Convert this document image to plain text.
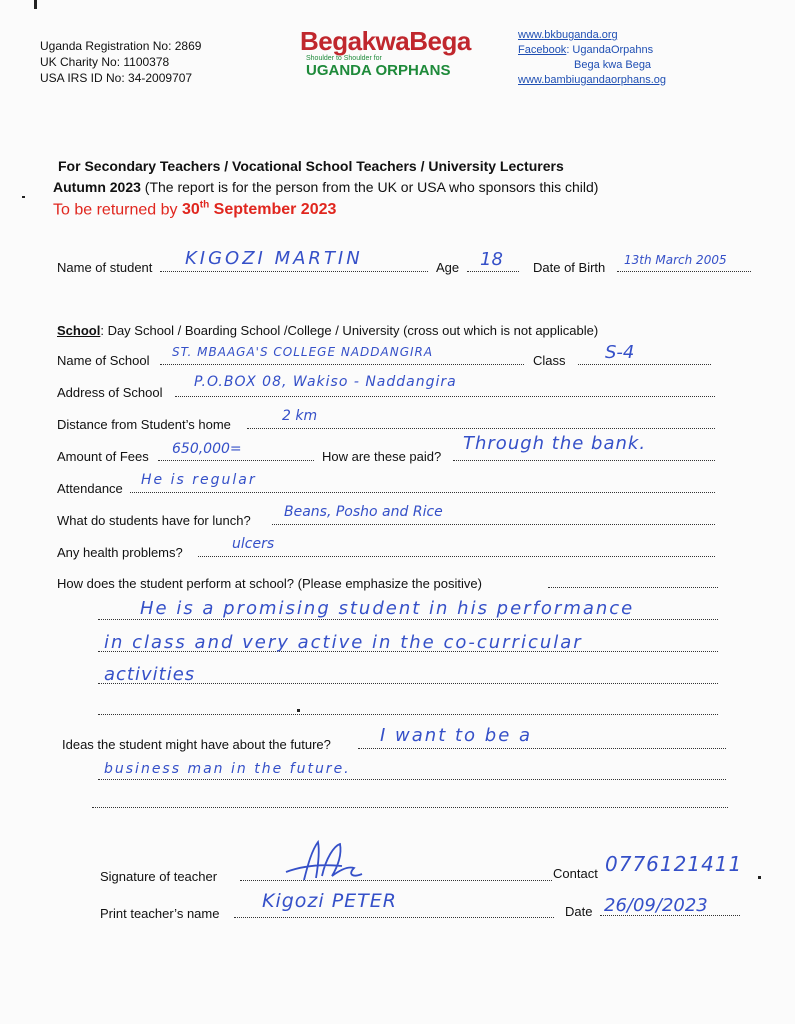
Uganda Registration No: 2869
UK Charity No: 1100378
USA IRS ID No: 34-2009707
BegakwaBega
Shoulder to Shoulder for
UGANDA ORPHANS
www.bkbuganda.org
Facebook: UgandaOrpahns
Bega kwa Bega
www.bambiugandaorphans.og
For Secondary Teachers / Vocational School Teachers / University Lecturers
Autumn 2023 (The report is for the person from the UK or USA who sponsors this child)
To be returned by 30th September 2023
Name of student KIGOZI MARTIN	Age 18 Date of Birth 13th March 2005
School: Day School / Boarding School /College / University (cross out which is not applicable)
Name of School
ST. MBAAGA'S COLLEGE NADDANGIRA
Class S-4
Address of School
P.O.BOX 08, Wakiso - Naddangira
Distance from Student’s home
2 km
Amount of Fees 650,000=	How are these paid?
Through the bank.
Attendance
He is regular
What do students have for lunch?
Beans, Posho and Rice
Any health problems?
ulcers
How does the student perform at school? (Please emphasize the positive)
He is a promising student in his performance
in class and very active in the co-curricular
activities
Ideas the student might have about the future?	I want to be a
business man in the future.
Signature of teacher	Contact 0776121411
Print teacher’s name
Kigozi PETER	Date 26/09/2023
